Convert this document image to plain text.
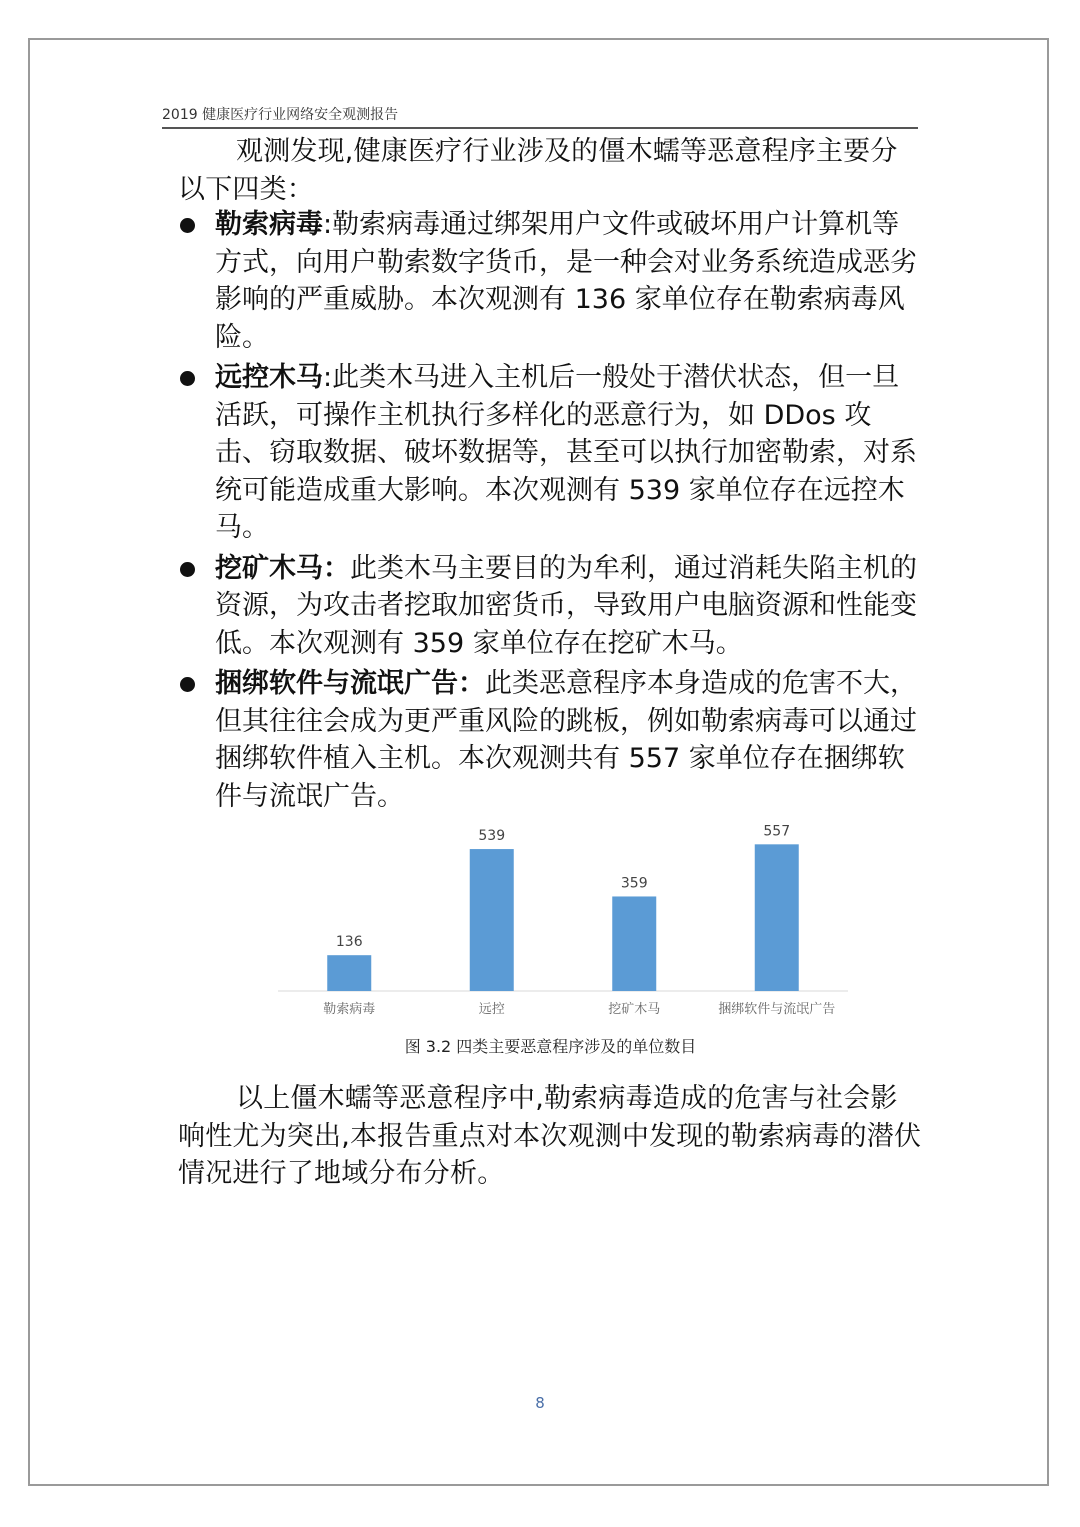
2019 健康医疗行业网络安全观测报告

观测发现,健康医疗行业涉及的僵木蠕等恶意程序主要分以下四类：

勒索病毒:勒索病毒通过绑架用户文件或破坏用户计算机等方式，向用户勒索数字货币，是一种会对业务系统造成恶劣影响的严重威胁。本次观测有 136 家单位存在勒索病毒风险。
远控木马:此类木马进入主机后一般处于潜伏状态，但一旦活跃，可操作主机执行多样化的恶意行为，如 DDos 攻击、窃取数据、破坏数据等，甚至可以执行加密勒索，对系统可能造成重大影响。本次观测有 539 家单位存在远控木马。
挖矿木马：此类木马主要目的为牟利，通过消耗失陷主机的资源，为攻击者挖取加密货币，导致用户电脑资源和性能变低。本次观测有 359 家单位存在挖矿木马。
捆绑软件与流氓广告：此类恶意程序本身造成的危害不大，但其往往会成为更严重风险的跳板，例如勒索病毒可以通过捆绑软件植入主机。本次观测共有 557 家单位存在捆绑软件与流氓广告。
136
勒索病毒
539
远控
359
挖矿木马
557
捆绑软件与流氓广告
图 3.2 四类主要恶意程序涉及的单位数目

以上僵木蠕等恶意程序中,勒索病毒造成的危害与社会影响性尤为突出,本报告重点对本次观测中发现的勒索病毒的潜伏情况进行了地域分布分析。

8
